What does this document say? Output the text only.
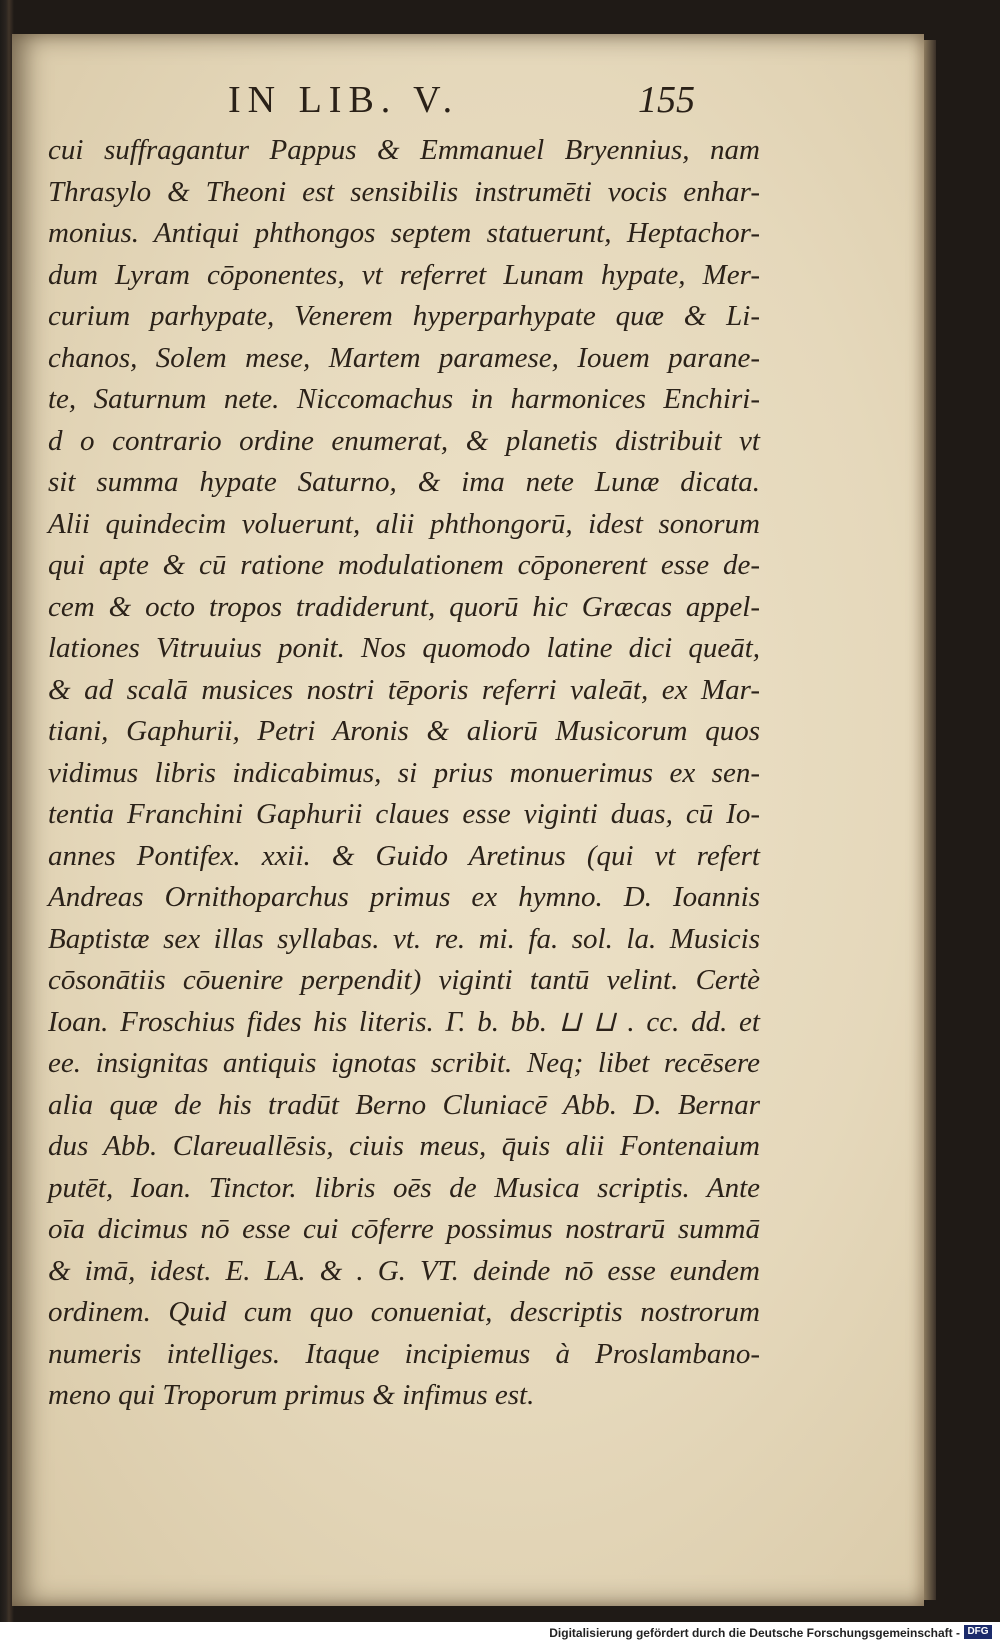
IN LIB. V.	155
cui suffragantur Pappus & Emmanuel Bryennius, nam
Thrasylo & Theoni est sensibilis instrumēti vocis enhar-
monius. Antiqui phthongos septem statuerunt, Heptachor-
dum Lyram cōponentes, vt referret Lunam hypate, Mer-
curium parhypate, Venerem hyperparhypate quæ & Li-
chanos, Solem mese, Martem paramese, Iouem parane-
te, Saturnum nete. Niccomachus in harmonices Enchiri-
d o contrario ordine enumerat, & planetis distribuit vt
sit summa hypate Saturno, & ima nete Lunæ dicata.
Alii quindecim voluerunt, alii phthongorū, idest sonorum
qui apte & cū ratione modulationem cōponerent esse de-
cem & octo tropos tradiderunt, quorū hic Græcas appel-
lationes Vitruuius ponit. Nos quomodo latine dici queāt,
& ad scalā musices nostri tēporis referri valeāt, ex Mar-
tiani, Gaphurii, Petri Aronis & aliorū Musicorum quos
vidimus libris indicabimus, si prius monuerimus ex sen-
tentia Franchini Gaphurii claues esse viginti duas, cū Io-
annes Pontifex. xxii. & Guido Aretinus (qui vt refert
Andreas Ornithoparchus primus ex hymno. D. Ioannis
Baptistæ sex illas syllabas. vt. re. mi. fa. sol. la. Musicis
cōsonātiis cōuenire perpendit) viginti tantū velint. Certè
Ioan. Froschius fides his literis. Γ. b. bb. ⊔ ⊔ . cc. dd. et
ee. insignitas antiquis ignotas scribit. Neq; libet recēsere
alia quæ de his tradūt Berno Cluniacē Abb. D. Bernar
dus Abb. Clareuallēsis, ciuis meus, q̄uis alii Fontenaium
putēt, Ioan. Tinctor. libris oēs de Musica scriptis. Ante
oīa dicimus nō esse cui cōferre possimus nostrarū summā
& imā, idest. E. LA. & . G. VT. deinde nō esse eundem
ordinem. Quid cum quo conueniat, descriptis nostrorum
numeris intelliges. Itaque incipiemus à Proslambano-
meno qui Troporum primus & infimus est.
Digitalisierung gefördert durch die Deutsche Forschungsgemeinschaft - DFG
